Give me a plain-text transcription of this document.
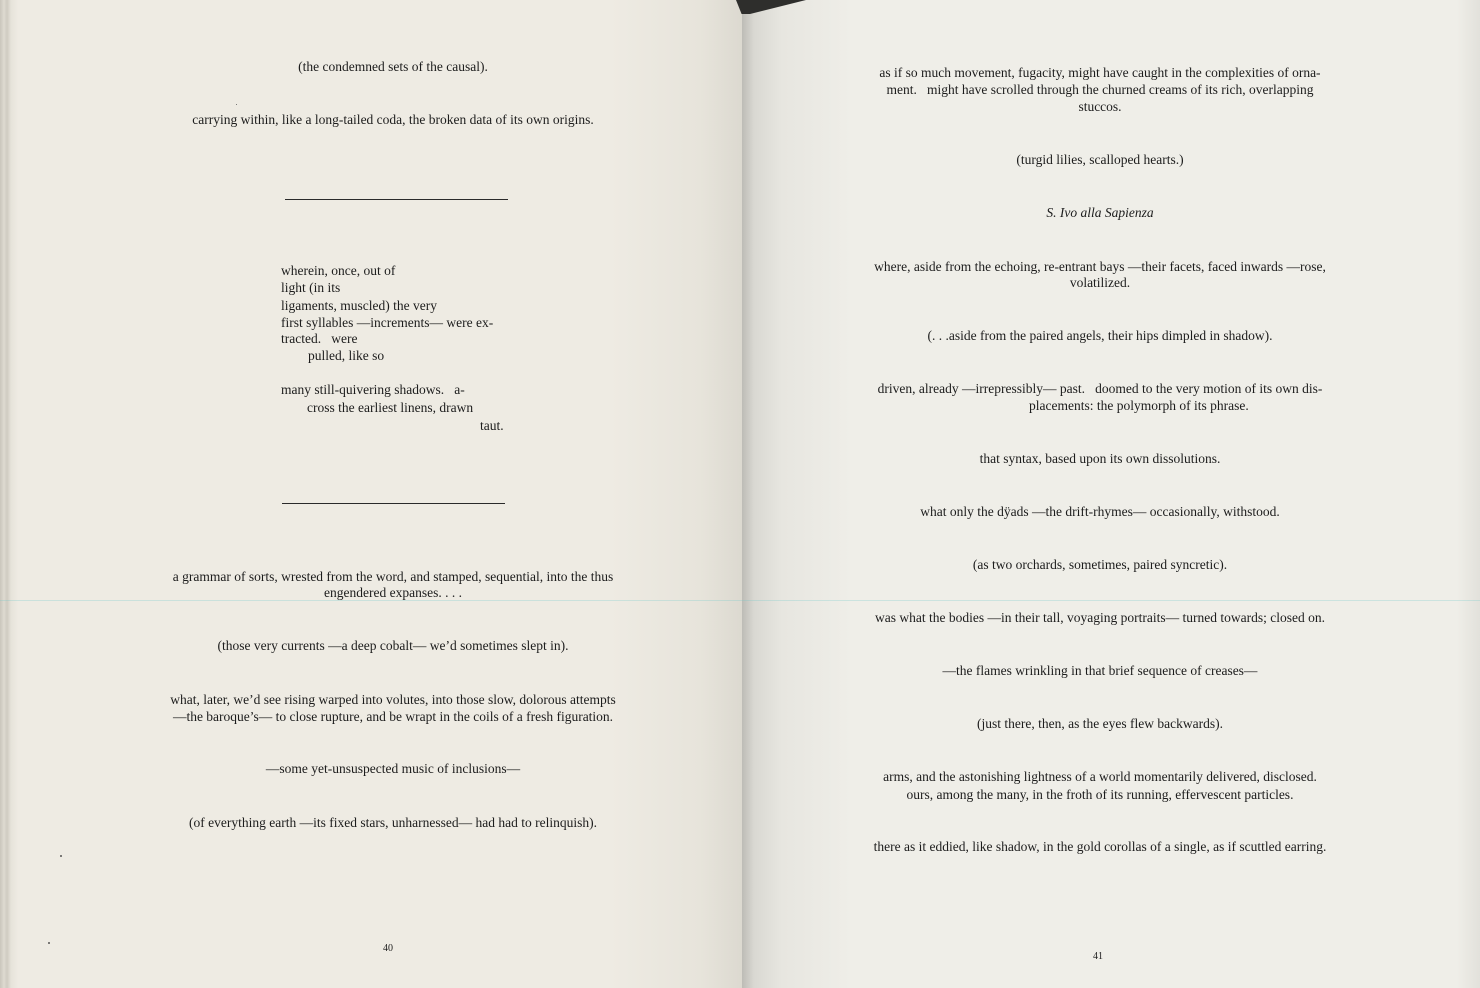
(the condemned sets of the causal).
carrying within, like a long-tailed coda, the broken data of its own origins.
wherein, once, out of
light (in its
ligaments, muscled) the very
first syllables —increments— were ex-
tracted.   were
pulled, like so
many still-quivering shadows.   a-
cross the earliest linens, drawn
taut.
a grammar of sorts, wrested from the word, and stamped, sequential, into the thus
engendered expanses. . . .
(those very currents —a deep cobalt— we’d sometimes slept in).
what, later, we’d see rising warped into volutes, into those slow, dolorous attempts
—the baroque’s— to close rupture, and be wrapt in the coils of a fresh figuration.
—some yet-unsuspected music of inclusions—
(of everything earth —its fixed stars, unharnessed— had had to relinquish).
40
as if so much movement, fugacity, might have caught in the complexities of orna-
ment.   might have scrolled through the churned creams of its rich, overlapping
stuccos.
(turgid lilies, scalloped hearts.)
S. Ivo alla Sapienza
where, aside from the echoing, re-entrant bays —their facets, faced inwards —rose,
volatilized.
(. . .aside from the paired angels, their hips dimpled in shadow).
driven, already —irrepressibly— past.   doomed to the very motion of its own dis-
placements: the polymorph of its phrase.
that syntax, based upon its own dissolutions.
what only the dÿads —the drift-rhymes— occasionally, withstood.
(as two orchards, sometimes, paired syncretic).
was what the bodies —in their tall, voyaging portraits— turned towards; closed on.
—the flames wrinkling in that brief sequence of creases—
(just there, then, as the eyes flew backwards).
arms, and the astonishing lightness of a world momentarily delivered, disclosed.
ours, among the many, in the froth of its running, effervescent particles.
there as it eddied, like shadow, in the gold corollas of a single, as if scuttled earring.
41
